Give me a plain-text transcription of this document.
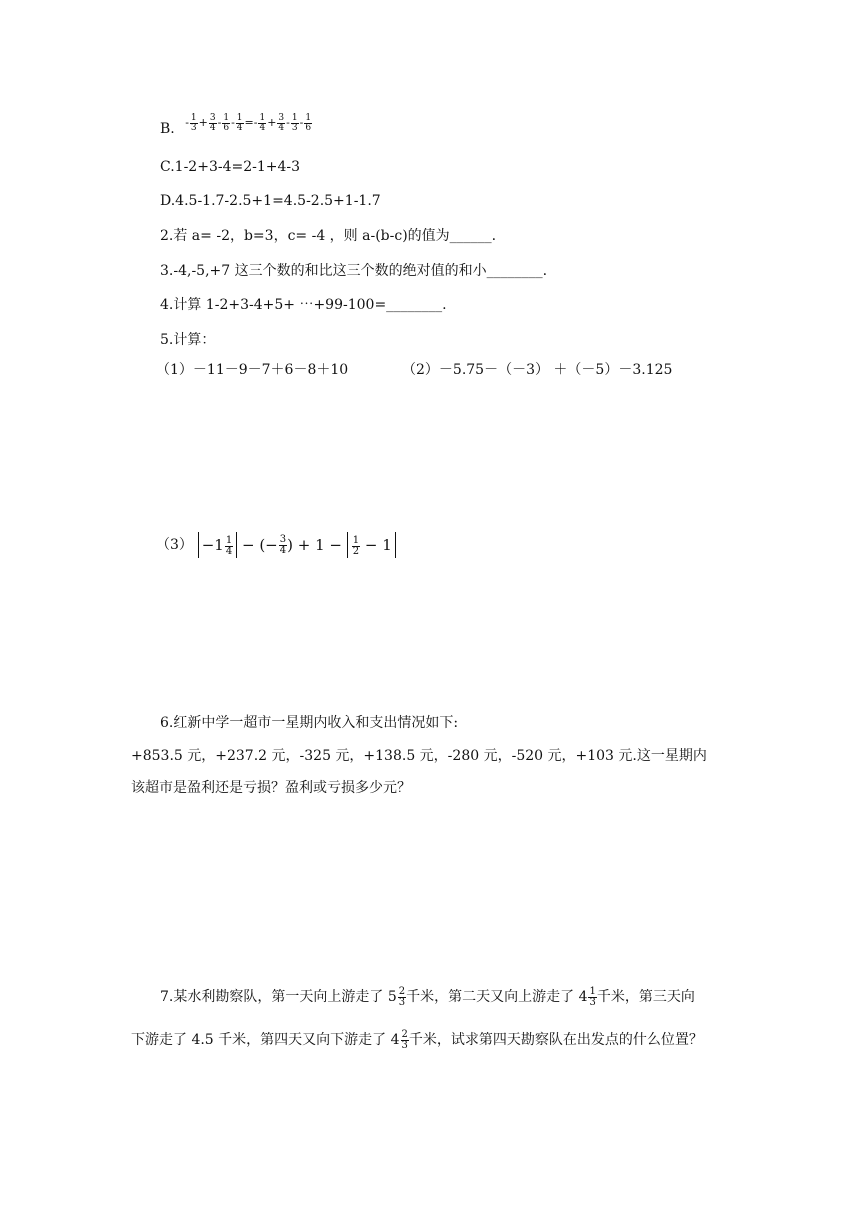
B. - $\frac{1}{3} + \frac{3}{4} - \frac{1}{6} - \frac{1}{4} =- \frac{1}{4} + \frac{3}{4} - \frac{1}{3} - \frac{1}{6}$
C.1-2+3-4=2-1+4-3
D.4.5-1.7-2.5+1=4.5-2.5+1-1.7
2.若 a= -2，b=3，c= -4 ，则 a-(b-c)的值为______.
3.-4,-5,+7 这三个数的和比这三个数的绝对值的和小________.
4.计算 1-2+3-4+5+ ⋯+99-100=________.
5.计算：
（1）－11－9－7＋6－8＋10	（2）－5.75－（－3） ＋（－5）－3.125
$(3) -1 \frac{1}{4}$ − (− $\frac{3}{4}$ ) + $1 - \frac{1}{2} - 1$
6.红新中学一超市一星期内收入和支出情况如下:
+853.5 元，+237.2 元，-325 元，+138.5 元，-280 元，-520 元，+103 元.这一星期内
该超市是盈利还是亏损？盈利或亏损多少元？
7.某水利勘察队，第一天向上游走了 $5 \frac{2}{3}$ 千米，第二天又向上游走了 $4 \frac{1}{3}$ 千米，第三天向
下游走了 4.5 千米，第四天又向下游走了 $4 \frac{2}{3}$ 千米，试求第四天勘察队在出发点的什么位置？
